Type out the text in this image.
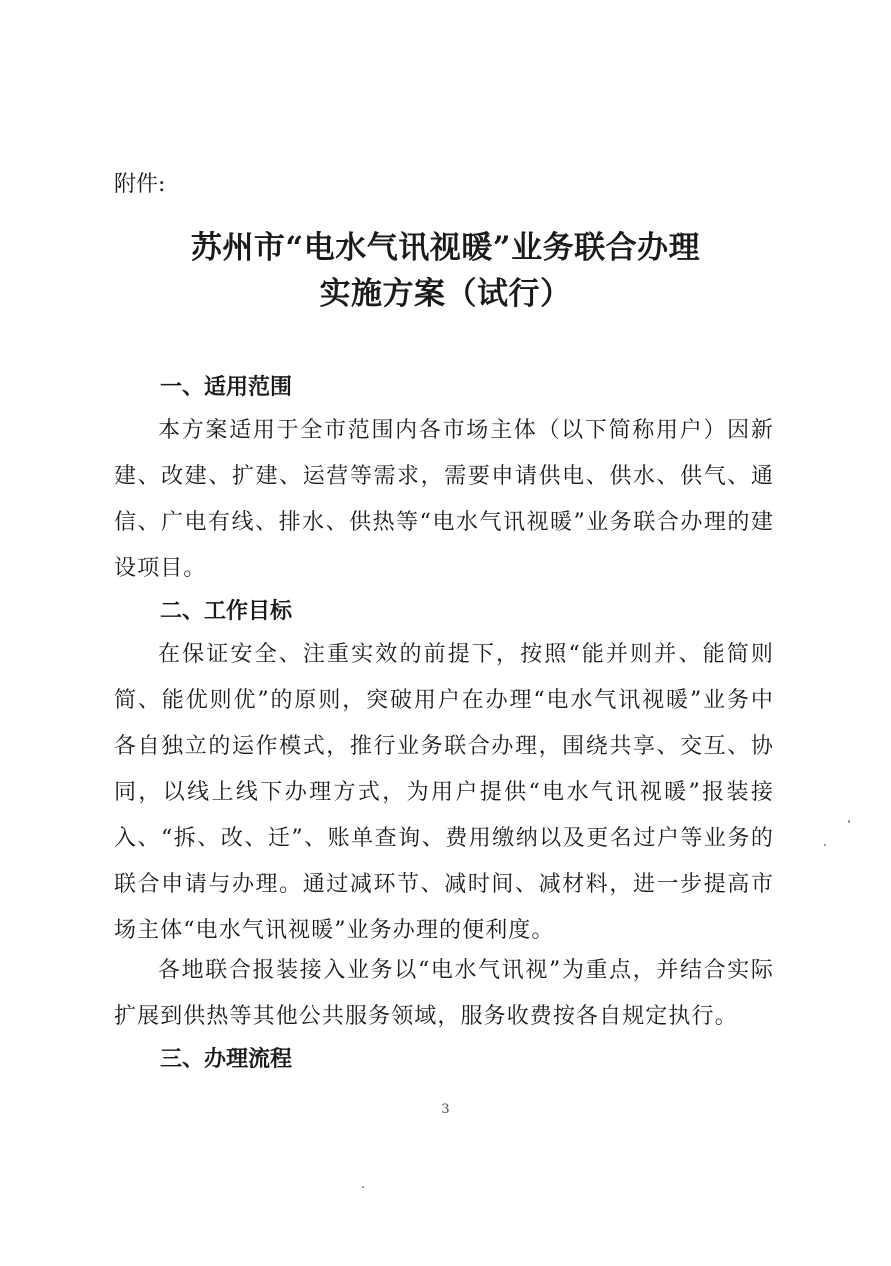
附件:
苏州市“电水气讯视暖”业务联合办理
实施方案（试行）
一、适用范围
本方案适用于全市范围内各市场主体（以下简称用户）因新建、改建、扩建、运营等需求，需要申请供电、供水、供气、通信、广电有线、排水、供热等“电水气讯视暖”业务联合办理的建设项目。
二、工作目标
在保证安全、注重实效的前提下，按照“能并则并、能简则简、能优则优”的原则，突破用户在办理“电水气讯视暖”业务中各自独立的运作模式，推行业务联合办理，围绕共享、交互、协同，以线上线下办理方式，为用户提供“电水气讯视暖”报装接入、“拆、改、迁”、账单查询、费用缴纳以及更名过户等业务的联合申请与办理。通过减环节、减时间、减材料，进一步提高市场主体“电水气讯视暖”业务办理的便利度。
各地联合报装接入业务以“电水气讯视”为重点，并结合实际扩展到供热等其他公共服务领域，服务收费按各自规定执行。
三、办理流程
3
